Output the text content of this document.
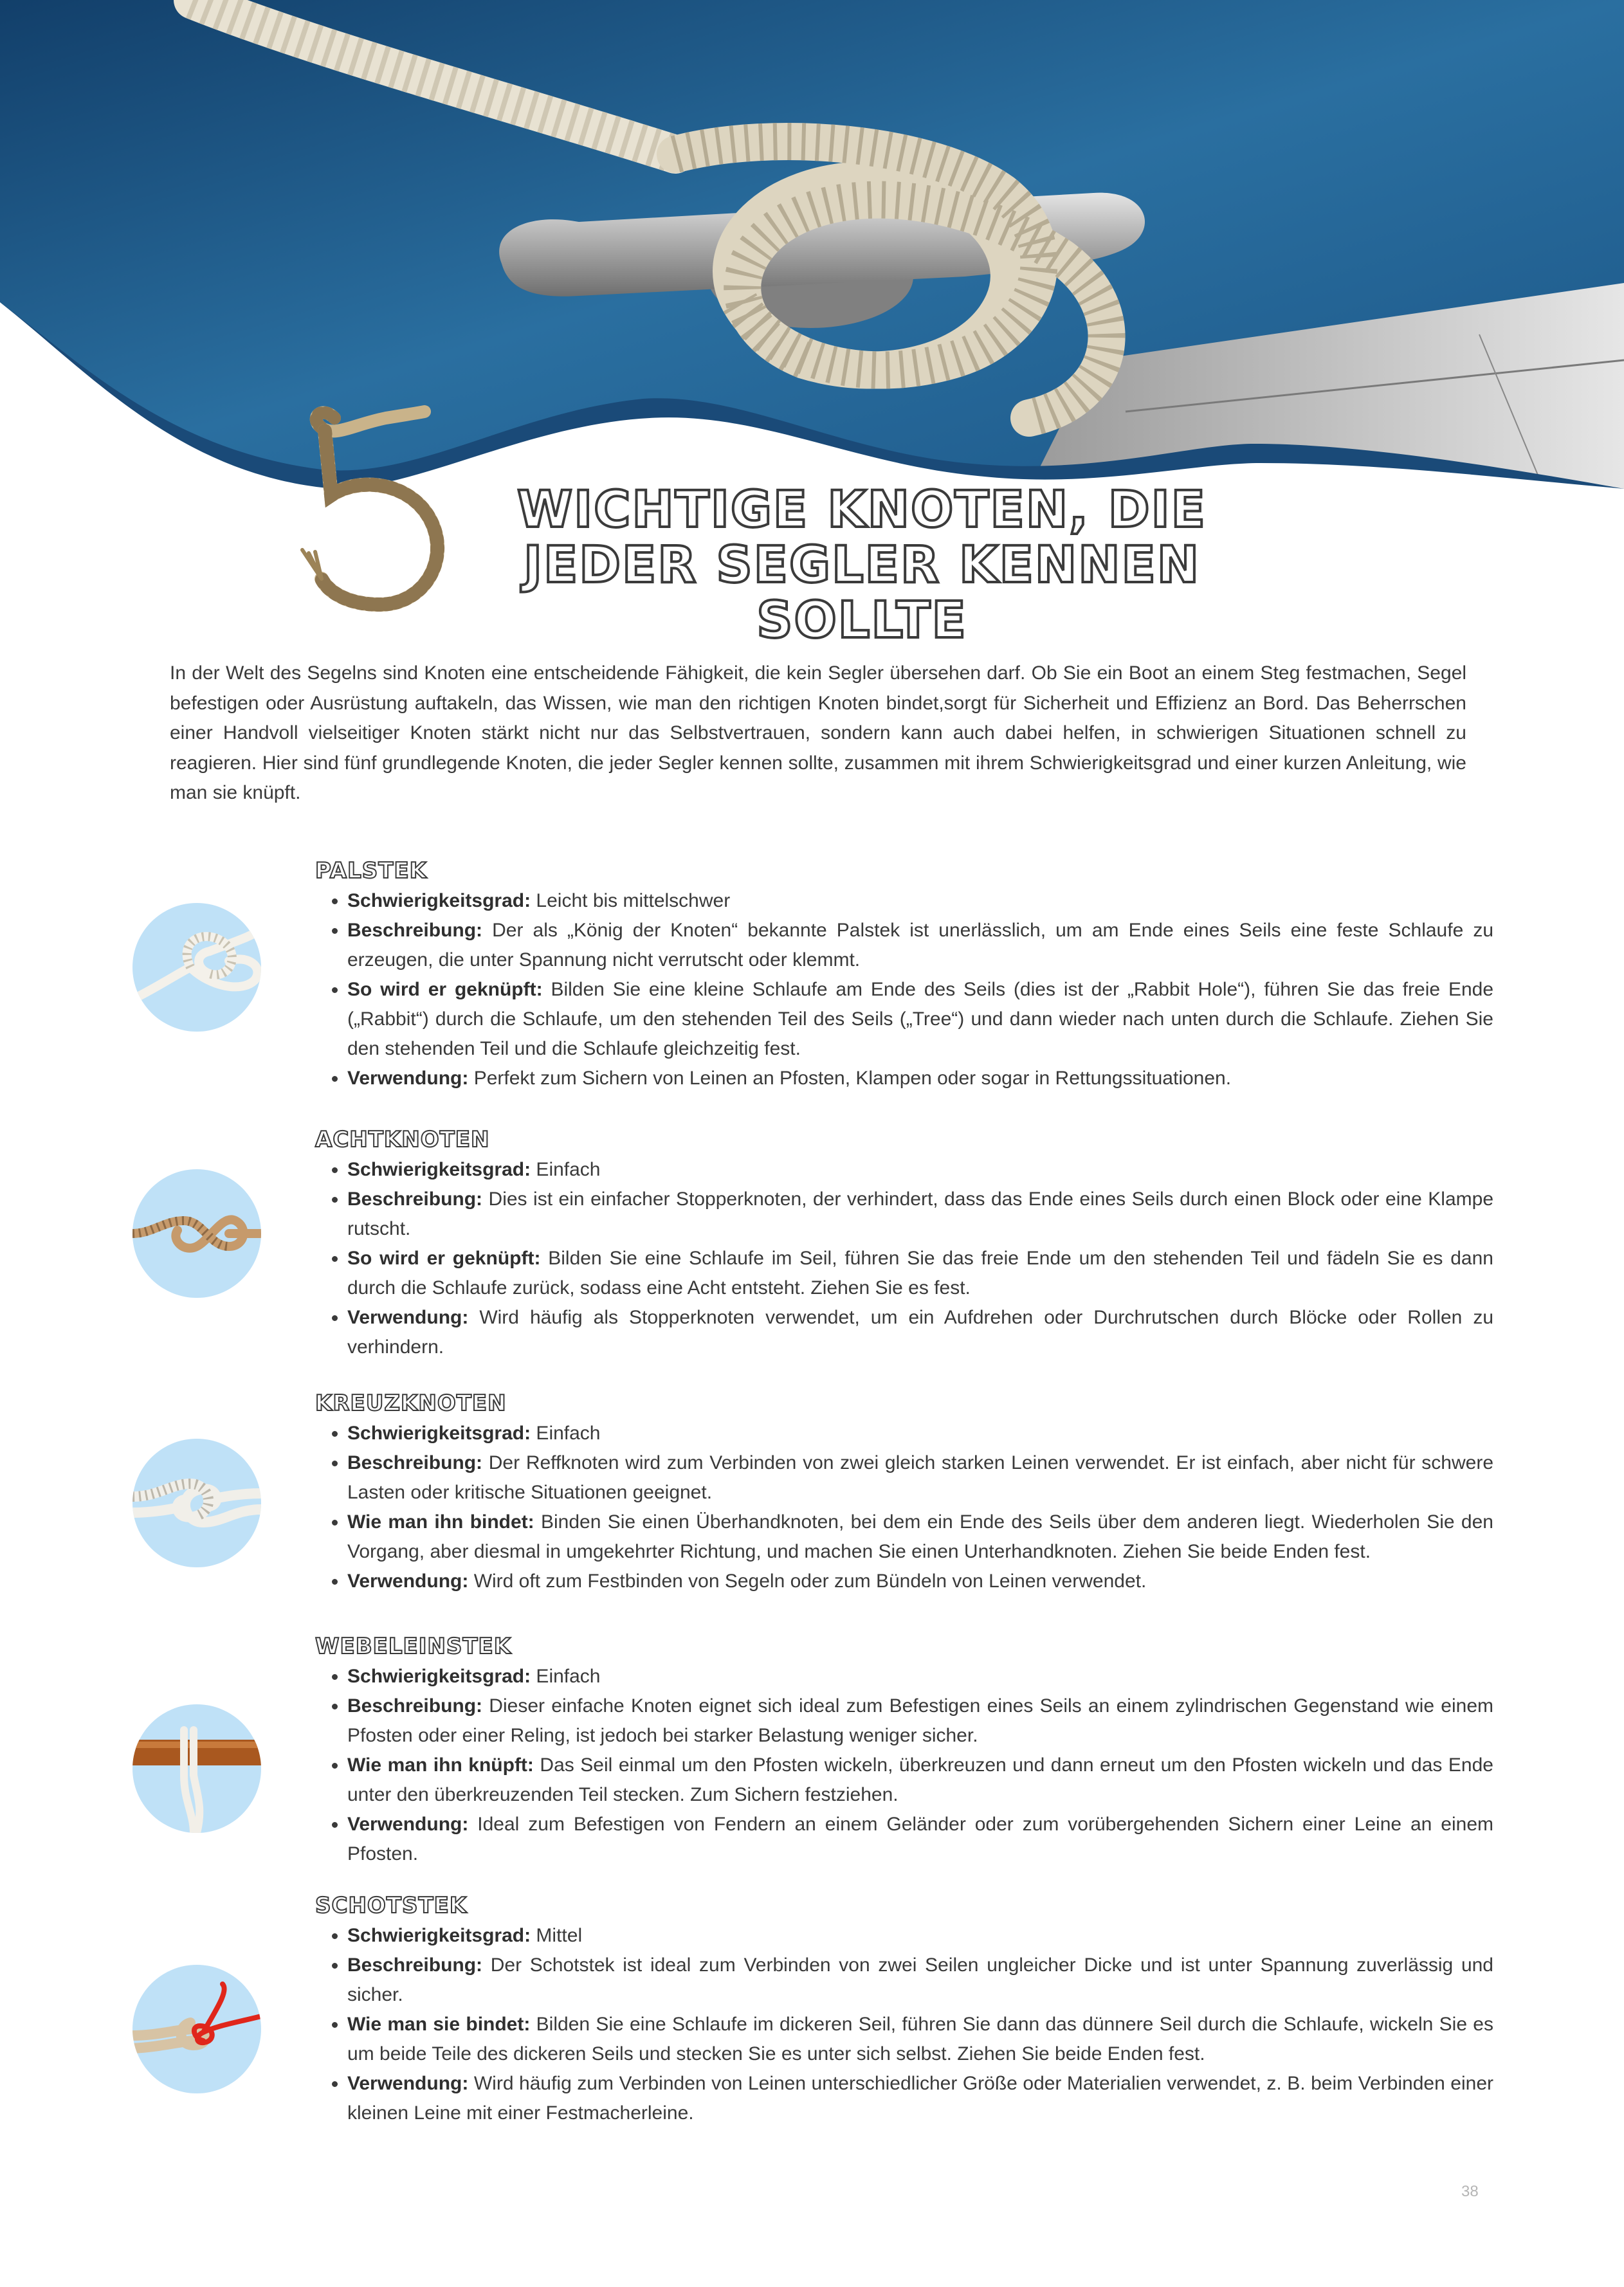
WICHTIGE KNOTEN, DIE JEDER SEGLER KENNEN SOLLTE

In der Welt des Segelns sind Knoten eine entscheidende Fähigkeit, die kein Segler übersehen darf. Ob Sie ein Boot an einem Steg festmachen, Segel befestigen oder Ausrüstung auftakeln, das Wissen, wie man den richtigen Knoten bindet,sorgt für Sicherheit und Effizienz an Bord. Das Beherrschen einer Handvoll vielseitiger Knoten stärkt nicht nur das Selbstvertrauen, sondern kann auch dabei helfen, in schwierigen Situationen schnell zu reagieren. Hier sind fünf grundlegende Knoten, die jeder Segler kennen sollte, zusammen mit ihrem Schwierigkeitsgrad und einer kurzen Anleitung, wie man sie knüpft.

PALSTEK
• Schwierigkeitsgrad: Leicht bis mittelschwer
• Beschreibung: Der als „König der Knoten“ bekannte Palstek ist unerlässlich, um am Ende eines Seils eine feste Schlaufe zu erzeugen, die unter Spannung nicht verrutscht oder klemmt.
• So wird er geknüpft: Bilden Sie eine kleine Schlaufe am Ende des Seils (dies ist der „Rabbit Hole“), führen Sie das freie Ende („Rabbit“) durch die Schlaufe, um den stehenden Teil des Seils („Tree“) und dann wieder nach unten durch die Schlaufe. Ziehen Sie den stehenden Teil und die Schlaufe gleichzeitig fest.
• Verwendung: Perfekt zum Sichern von Leinen an Pfosten, Klampen oder sogar in Rettungssituationen.
ACHTKNOTEN
• Schwierigkeitsgrad: Einfach
• Beschreibung: Dies ist ein einfacher Stopperknoten, der verhindert, dass das Ende eines Seils durch einen Block oder eine Klampe rutscht.
• So wird er geknüpft: Bilden Sie eine Schlaufe im Seil, führen Sie das freie Ende um den stehenden Teil und fädeln Sie es dann durch die Schlaufe zurück, sodass eine Acht entsteht. Ziehen Sie es fest.
• Verwendung: Wird häufig als Stopperknoten verwendet, um ein Aufdrehen oder Durchrutschen durch Blöcke oder Rollen zu verhindern.
KREUZKNOTEN
• Schwierigkeitsgrad: Einfach
• Beschreibung: Der Reffknoten wird zum Verbinden von zwei gleich starken Leinen verwendet. Er ist einfach, aber nicht für schwere Lasten oder kritische Situationen geeignet.
• Wie man ihn bindet: Binden Sie einen Überhandknoten, bei dem ein Ende des Seils über dem anderen liegt. Wiederholen Sie den Vorgang, aber diesmal in umgekehrter Richtung, und machen Sie einen Unterhandknoten. Ziehen Sie beide Enden fest.
• Verwendung: Wird oft zum Festbinden von Segeln oder zum Bündeln von Leinen verwendet.
WEBELEINSTEK
• Schwierigkeitsgrad: Einfach
• Beschreibung: Dieser einfache Knoten eignet sich ideal zum Befestigen eines Seils an einem zylindrischen Gegenstand wie einem Pfosten oder einer Reling, ist jedoch bei starker Belastung weniger sicher.
• Wie man ihn knüpft: Das Seil einmal um den Pfosten wickeln, überkreuzen und dann erneut um den Pfosten wickeln und das Ende unter den überkreuzenden Teil stecken. Zum Sichern festziehen.
• Verwendung: Ideal zum Befestigen von Fendern an einem Geländer oder zum vorübergehenden Sichern einer Leine an einem Pfosten.
SCHOTSTEK
• Schwierigkeitsgrad: Mittel
• Beschreibung: Der Schotstek ist ideal zum Verbinden von zwei Seilen ungleicher Dicke und ist unter Spannung zuverlässig und sicher.
• Wie man sie bindet: Bilden Sie eine Schlaufe im dickeren Seil, führen Sie dann das dünnere Seil durch die Schlaufe, wickeln Sie es um beide Teile des dickeren Seils und stecken Sie es unter sich selbst. Ziehen Sie beide Enden fest.
• Verwendung: Wird häufig zum Verbinden von Leinen unterschiedlicher Größe oder Materialien verwendet, z. B. beim Verbinden einer kleinen Leine mit einer Festmacherleine.
38
